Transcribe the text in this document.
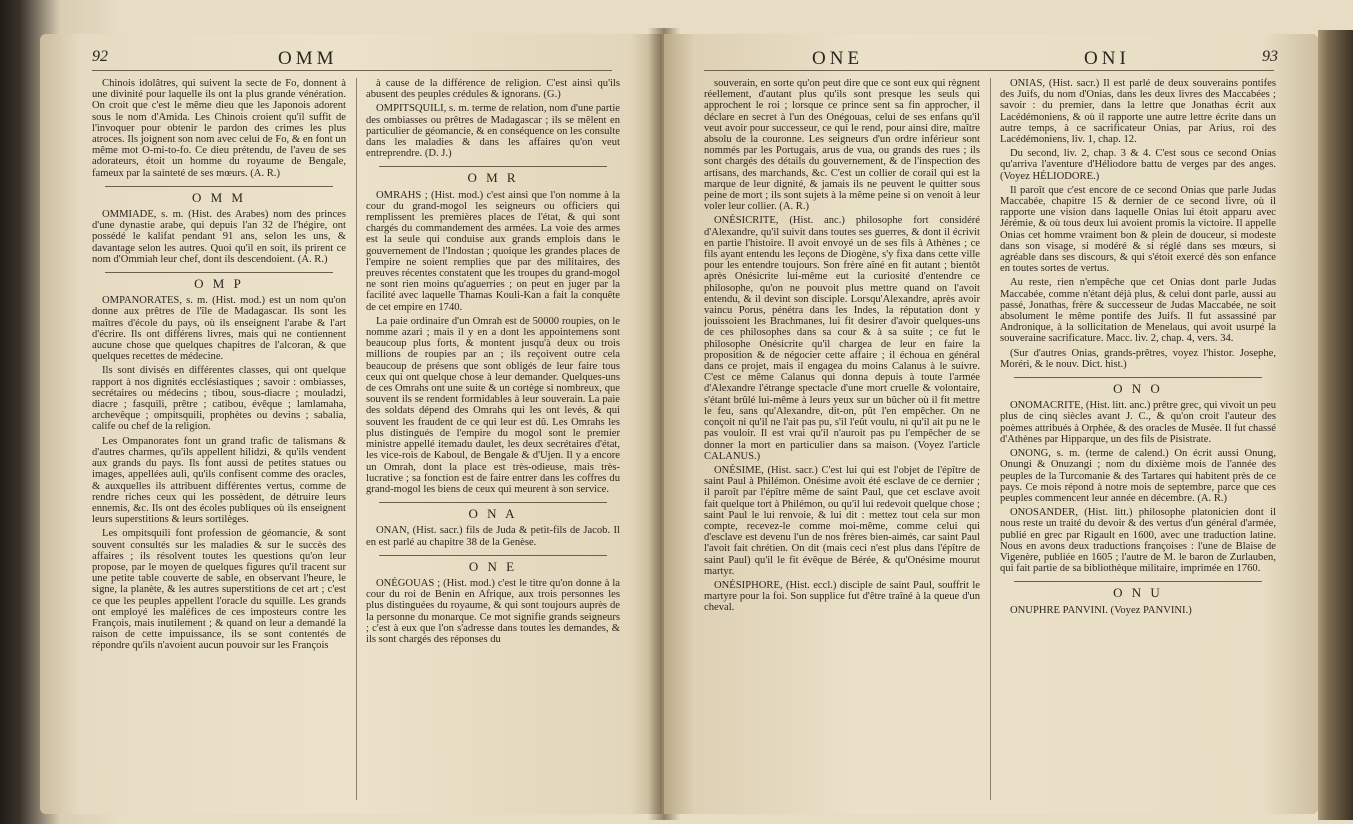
92	OMM

Chinois idolâtres, qui suivent la secte de Fo, donnent à une divinité pour laquelle ils ont la plus grande vénération. On croit que c'est le même dieu que les Japonois adorent sous le nom d'Amida. Les Chinois croient qu'il suffit de l'invoquer pour obtenir le pardon des crimes les plus atroces. Ils joignent son nom avec celui de Fo, & en font un même mot O-mi-to-fo. Ce dieu prétendu, de l'aveu de ses adorateurs, étoit un homme du royaume de Bengale, fameux par la sainteté de ses mœurs. (A. R.)

O M M

OMMIADE, s. m. (Hist. des Arabes) nom des princes d'une dynastie arabe, qui depuis l'an 32 de l'hégire, ont possédé le kalifat pendant 91 ans, selon les uns, & davantage selon les autres. Quoi qu'il en soit, ils prirent ce nom d'Ommiah leur chef, dont ils descendoient. (A. R.)

O M P

OMPANORATES, s. m. (Hist. mod.) est un nom qu'on donne aux prêtres de l'île de Madagascar. Ils sont les maîtres d'école du pays, où ils enseignent l'arabe & l'art d'écrire. Ils ont différens livres, mais qui ne contiennent aucune chose que quelques chapitres de l'alcoran, & que quelques recettes de médecine.

Ils sont divisés en différentes classes, qui ont quelque rapport à nos dignités ecclésiastiques ; savoir : ombiasses, secrétaires ou médecins ; tibou, sous-diacre ; mouladzi, diacre ; fasquili, prêtre ; catibou, évêque ; lamlamaha, archevêque ; ompitsquili, prophètes ou devins ; sabalia, calife ou chef de la religion.

Les Ompanorates font un grand trafic de talismans & d'autres charmes, qu'ils appellent hilidzi, & qu'ils vendent aux grands du pays. Ils font aussi de petites statues ou images, appellées auli, qu'ils confisent comme des oracles, & auxquelles ils attribuent différentes vertus, comme de rendre riches ceux qui les possèdent, de détruire leurs ennemis, &c. Ils ont des écoles publiques où ils enseignent leurs superstitions & leurs sortilèges.

Les ompitsquili font profession de géomancie, & sont souvent consultés sur les maladies & sur le succès des affaires ; ils résolvent toutes les questions qu'on leur propose, par le moyen de quelques figures qu'il tracent sur une petite table couverte de sable, en observant l'heure, le signe, la planète, & les autres superstitions de cet art ; c'est ce que les peuples appellent l'oracle du squille. Les grands ont employé les maléfices de ces imposteurs contre les François, mais inutilement ; & quand on leur a demandé la raison de cette impuissance, ils se sont contentés de répondre qu'ils n'avoient aucun pouvoir sur les François

à cause de la différence de religion. C'est ainsi qu'ils abusent des peuples crédules & ignorans. (G.)

OMPITSQUILI, s. m. terme de relation, nom d'une partie des ombiasses ou prêtres de Madagascar ; ils se mêlent en particulier de géomancie, & en conséquence on les consulte dans les maladies & dans les affaires qu'on veut entreprendre. (D. J.)

O M R

OMRAHS ; (Hist. mod.) c'est ainsi que l'on nomme à la cour du grand-mogol les seigneurs ou officiers qui remplissent les premières places de l'état, & qui sont chargés du commandement des armées. La voie des armes est la seule qui conduise aux grands emplois dans le gouvernement de l'Indostan ; quoique les grandes places de l'empire ne soient remplies que par des militaires, des preuves récentes constatent que les troupes du grand-mogol ne sont rien moins qu'aguerries ; on peut en juger par la facilité avec laquelle Thamas Kouli-Kan a fait la conquête de cet empire en 1740.

La paie ordinaire d'un Omrah est de 50000 roupies, on le nomme azari ; mais il y en a dont les appointemens sont beaucoup plus forts, & montent jusqu'à deux ou trois millions de roupies par an ; ils reçoivent outre cela beaucoup de présens que sont obligés de leur faire tous ceux qui ont quelque chose à leur demander. Quelques-uns de ces Omrahs ont une suite & un cortège si nombreux, que souvent ils se rendent formidables à leur souverain. La paie des soldats dépend des Omrahs qui les ont levés, & qui souvent les fraudent de ce qui leur est dû. Les Omrahs les plus distingués de l'empire du mogol sont le premier ministre appellé itemadu daulet, les deux secrétaires d'état, les vice-rois de Kaboul, de Bengale & d'Ujen. Il y a encore un Omrah, dont la place est très-odieuse, mais très-lucrative ; sa fonction est de faire entrer dans les coffres du grand-mogol les biens de ceux qui meurent à son service.

O N A

ONAN, (Hist. sacr.) fils de Juda & petit-fils de Jacob. Il en est parlé au chapitre 38 de la Genèse.

O N E

ONÉGOUAS ; (Hist. mod.) c'est le titre qu'on donne à la cour du roi de Benin en Afrique, aux trois personnes les plus distinguées du royaume, & qui sont toujours auprès de la personne du monarque. Ce mot signifie grands seigneurs ; c'est à eux que l'on s'adresse dans toutes les demandes, & ils sont chargés des réponses du

ONE	ONI	93

souverain, en sorte qu'on peut dire que ce sont eux qui règnent réellement, d'autant plus qu'ils sont presque les seuls qui approchent le roi ; lorsque ce prince sent sa fin approcher, il déclare en secret à l'un des Onégouas, celui de ses enfans qu'il veut avoir pour successeur, ce qui le rend, pour ainsi dire, maître absolu de la couronne. Les seigneurs d'un ordre inférieur sont nommés par les Portugais, arus de vua, ou grands des rues ; ils sont chargés des détails du gouvernement, & de l'inspection des artisans, des marchands, &c. C'est un collier de corail qui est la marque de leur dignité, & jamais ils ne peuvent le quitter sous peine de mort ; ils sont sujets à la même peine si on venoit à leur voler leur collier. (A. R.)

ONÉSICRITE, (Hist. anc.) philosophe fort considéré d'Alexandre, qu'il suivit dans toutes ses guerres, & dont il écrivit en partie l'histoire. Il avoit envoyé un de ses fils à Athènes ; ce fils ayant entendu les leçons de Diogène, s'y fixa dans cette ville pour les entendre toujours. Son frère aîné en fit autant ; bientôt après Onésicrite lui-même eut la curiosité d'entendre ce philosophe, qu'on ne pouvoit plus mettre quand on l'avoit entendu, & il devint son disciple. Lorsqu'Alexandre, après avoir vaincu Porus, pénétra dans les Indes, la réputation dont y jouissoient les Brachmanes, lui fit desirer d'avoir quelques-uns de ces philosophes dans sa cour & à sa suite ; ce fut le philosophe Onésicrite qu'il chargea de leur en faire la proposition & de négocier cette affaire ; il échoua en général dans ce projet, mais il engagea du moins Calanus à le suivre. C'est ce même Calanus qui donna depuis à toute l'armée d'Alexandre l'étrange spectacle d'une mort cruelle & volontaire, s'étant brûlé lui-même à leurs yeux sur un bûcher où il fit mettre le feu, sans qu'Alexandre, dit-on, pût l'en empêcher. On ne conçoit ni qu'il ne l'ait pas pu, s'il l'eût voulu, ni qu'il ait pu ne le pas vouloir. Il est vrai qu'il n'auroit pas pu l'empêcher de se donner la mort en particulier dans sa maison. (Voyez l'article CALANUS.)

ONÉSIME, (Hist. sacr.) C'est lui qui est l'objet de l'épître de saint Paul à Philémon. Onésime avoit été esclave de ce dernier ; il paroît par l'épître même de saint Paul, que cet esclave avoit fait quelque tort à Philémon, ou qu'il lui redevoit quelque chose ; saint Paul le lui renvoie, & lui dit : mettez tout cela sur mon compte, recevez-le comme moi-même, comme celui qui d'esclave est devenu l'un de nos frères bien-aimés, car saint Paul l'avoit fait chrétien. On dit (mais ceci n'est plus dans l'épître de saint Paul) qu'il le fit évêque de Bérée, & qu'Onésime mourut martyr.

ONÉSIPHORE, (Hist. eccl.) disciple de saint Paul, souffrit le martyre pour la foi. Son supplice fut d'être traîné à la queue d'un cheval.

ONIAS, (Hist. sacr.) Il est parlé de deux souverains pontifes des Juifs, du nom d'Onias, dans les deux livres des Maccabées ; savoir : du premier, dans la lettre que Jonathas écrit aux Lacédémoniens, & où il rapporte une autre lettre écrite dans un autre temps, à ce sacrificateur Onias, par Arius, roi des Lacédémoniens, liv. 1, chap. 12.

Du second, liv. 2, chap. 3 & 4. C'est sous ce second Onias qu'arriva l'aventure d'Héliodore battu de verges par des anges. (Voyez HÉLIODORE.)

Il paroît que c'est encore de ce second Onias que parle Judas Maccabée, chapitre 15 & dernier de ce second livre, où il rapporte une vision dans laquelle Onias lui étoit apparu avec Jérémie, & où tous deux lui avoient promis la victoire. Il appelle Onias cet homme vraiment bon & plein de douceur, si modeste dans son visage, si modéré & si réglé dans ses mœurs, si agréable dans ses discours, & qui s'étoit exercé dès son enfance en toutes sortes de vertus.

Au reste, rien n'empêche que cet Onias dont parle Judas Maccabée, comme n'étant déjà plus, & celui dont parle, aussi au passé, Jonathas, frère & successeur de Judas Maccabée, ne soit absolument le même pontife des Juifs. Il fut assassiné par Andronique, à la sollicitation de Menelaus, qui avoit usurpé la souveraine sacrificature. Macc. liv. 2, chap. 4, vers. 34.

(Sur d'autres Onias, grands-prêtres, voyez l'histor. Josephe, Moréri, & le nouv. Dict. hist.)

O N O

ONOMACRITE, (Hist. litt. anc.) prêtre grec, qui vivoit un peu plus de cinq siècles avant J. C., & qu'on croit l'auteur des poèmes attribués à Orphée, & des oracles de Musée. Il fut chassé d'Athènes par Hipparque, un des fils de Pisistrate.

ONONG, s. m. (terme de calend.) On écrit aussi Onung, Onungi & Onuzangi ; nom du dixième mois de l'année des peuples de la Turcomanie & des Tartares qui habitent près de ce pays. Ce mois répond à notre mois de septembre, parce que ces peuples commencent leur année en décembre. (A. R.)

ONOSANDER, (Hist. litt.) philosophe platonicien dont il nous reste un traité du devoir & des vertus d'un général d'armée, publié en grec par Rigault en 1600, avec une traduction latine. Nous en avons deux traductions françoises : l'une de Blaise de Vigenère, publiée en 1605 ; l'autre de M. le baron de Zurlauben, qui fait partie de sa bibliothèque militaire, imprimée en 1760.

O N U

ONUPHRE PANVINI. (Voyez PANVINI.)
